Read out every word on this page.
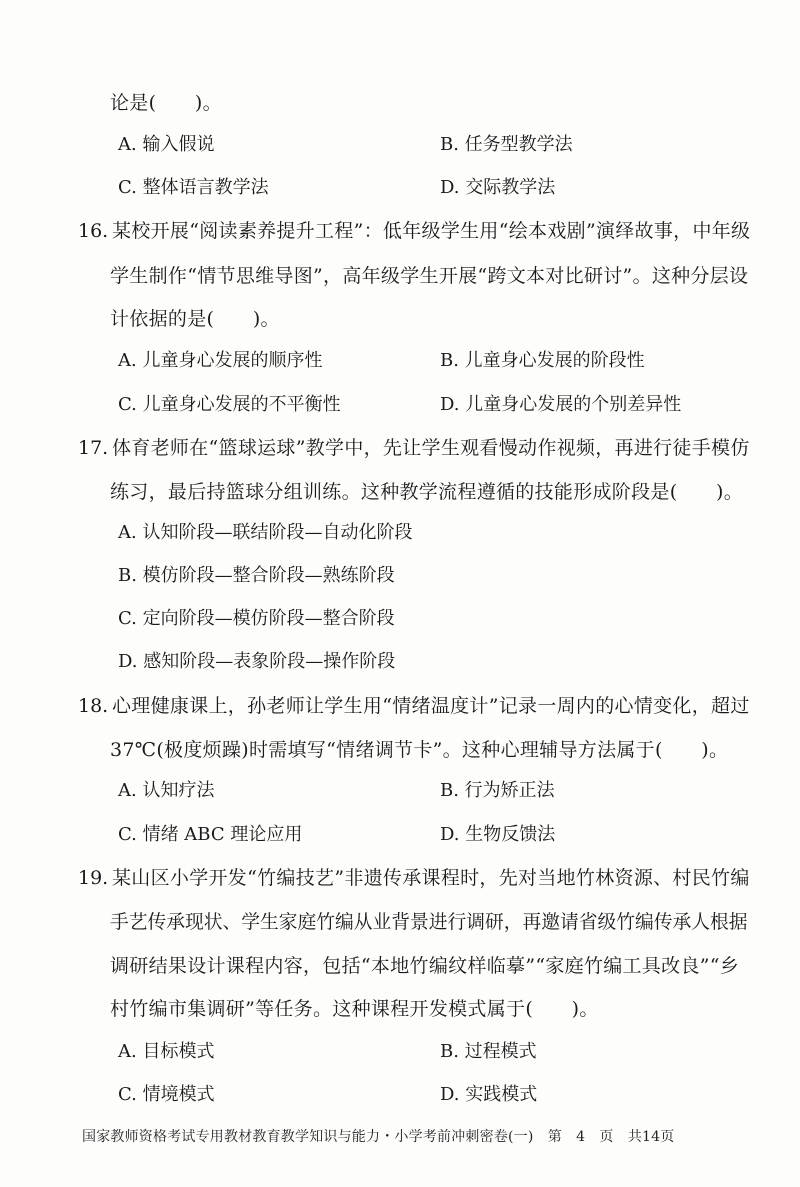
论是(　　)。
A. 输入假说	B. 任务型教学法
C. 整体语言教学法	D. 交际教学法
16. 某校开展“阅读素养提升工程”：低年级学生用“绘本戏剧”演绎故事，中年级
学生制作“情节思维导图”，高年级学生开展“跨文本对比研讨”。这种分层设
计依据的是(　　)。
A. 儿童身心发展的顺序性	B. 儿童身心发展的阶段性
C. 儿童身心发展的不平衡性	D. 儿童身心发展的个别差异性
17. 体育老师在“篮球运球”教学中，先让学生观看慢动作视频，再进行徒手模仿
练习，最后持篮球分组训练。这种教学流程遵循的技能形成阶段是(　　)。
A. 认知阶段—联结阶段—自动化阶段
B. 模仿阶段—整合阶段—熟练阶段
C. 定向阶段—模仿阶段—整合阶段
D. 感知阶段—表象阶段—操作阶段
18. 心理健康课上，孙老师让学生用“情绪温度计”记录一周内的心情变化，超过
37℃(极度烦躁)时需填写“情绪调节卡”。这种心理辅导方法属于(　　)。
A. 认知疗法	B. 行为矫正法
C. 情绪 ABC 理论应用	D. 生物反馈法
19. 某山区小学开发“竹编技艺”非遗传承课程时，先对当地竹林资源、村民竹编
手艺传承现状、学生家庭竹编从业背景进行调研，再邀请省级竹编传承人根据
调研结果设计课程内容，包括“本地竹编纹样临摹”“家庭竹编工具改良”“乡
村竹编市集调研”等任务。这种课程开发模式属于(　　)。
A. 目标模式	B. 过程模式
C. 情境模式	D. 实践模式
国家教师资格考试专用教材教育教学知识与能力・小学考前冲刺密卷(一)　第　4　页　共14页
